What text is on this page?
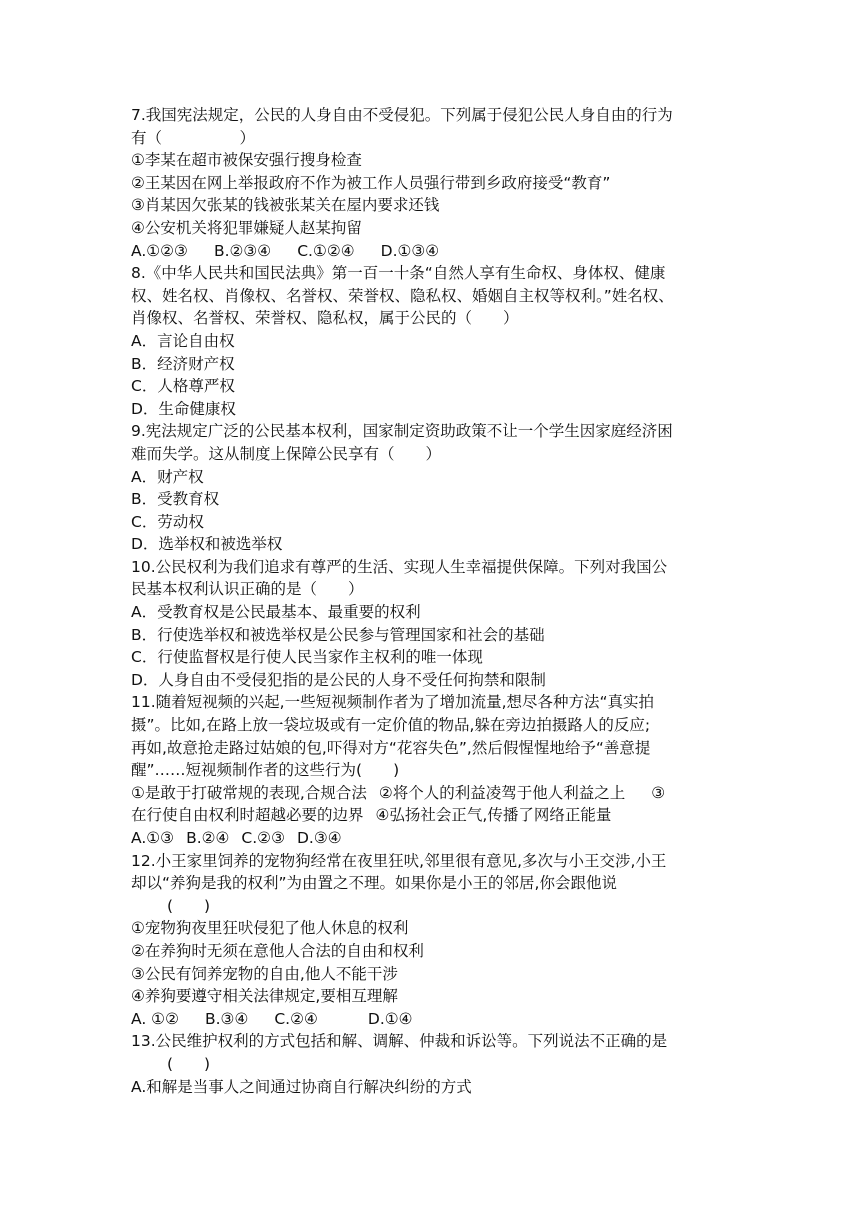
7.我国宪法规定，公民的人身自由不受侵犯。下列属于侵犯公民人身自由的行为
有（　　　　　）
①李某在超市被保安强行搜身检查
②王某因在网上举报政府不作为被工作人员强行带到乡政府接受“教育”
③肖某因欠张某的钱被张某关在屋内要求还钱
④公安机关将犯罪嫌疑人赵某拘留
A.①②③ B.②③④ C.①②④ D.①③④
8.《中华人民共和国民法典》第一百一十条“自然人享有生命权、身体权、健康
权、姓名权、肖像权、名誉权、荣誉权、隐私权、婚姻自主权等权利。”姓名权、
肖像权、名誉权、荣誉权、隐私权，属于公民的（　　）
A．言论自由权
B．经济财产权
C．人格尊严权
D．生命健康权
9.宪法规定广泛的公民基本权利，国家制定资助政策不让一个学生因家庭经济困
难而失学。这从制度上保障公民享有（　　）
A．财产权
B．受教育权
C．劳动权
D．选举权和被选举权
10.公民权利为我们追求有尊严的生活、实现人生幸福提供保障。下列对我国公
民基本权利认识正确的是（　　）
A．受教育权是公民最基本、最重要的权利
B．行使选举权和被选举权是公民参与管理国家和社会的基础
C．行使监督权是行使人民当家作主权利的唯一体现
D．人身自由不受侵犯指的是公民的人身不受任何拘禁和限制
11.随着短视频的兴起,一些短视频制作者为了增加流量,想尽各种方法“真实拍
摄”。比如,在路上放一袋垃圾或有一定价值的物品,躲在旁边拍摄路人的反应;
再如,故意抢走路过姑娘的包,吓得对方“花容失色”,然后假惺惺地给予“善意提
醒”……短视频制作者的这些行为(　　)
①是敢于打破常规的表现,合规合法 ②将个人的利益凌驾于他人利益之上 ③
在行使自由权利时超越必要的边界 ④弘扬社会正气,传播了网络正能量
A.①③ B.②④ C.②③ D.③④
12.小王家里饲养的宠物狗经常在夜里狂吠,邻里很有意见,多次与小王交涉,小王
却以“养狗是我的权利”为由置之不理。如果你是小王的邻居,你会跟他说
(　　)
①宠物狗夜里狂吠侵犯了他人休息的权利
②在养狗时无须在意他人合法的自由和权利
③公民有饲养宠物的自由,他人不能干涉
④养狗要遵守相关法律规定,要相互理解
A. ①② B.③④ C.②④	D.①④
13.公民维护权利的方式包括和解、调解、仲裁和诉讼等。下列说法不正确的是
(　　)
A.和解是当事人之间通过协商自行解决纠纷的方式
